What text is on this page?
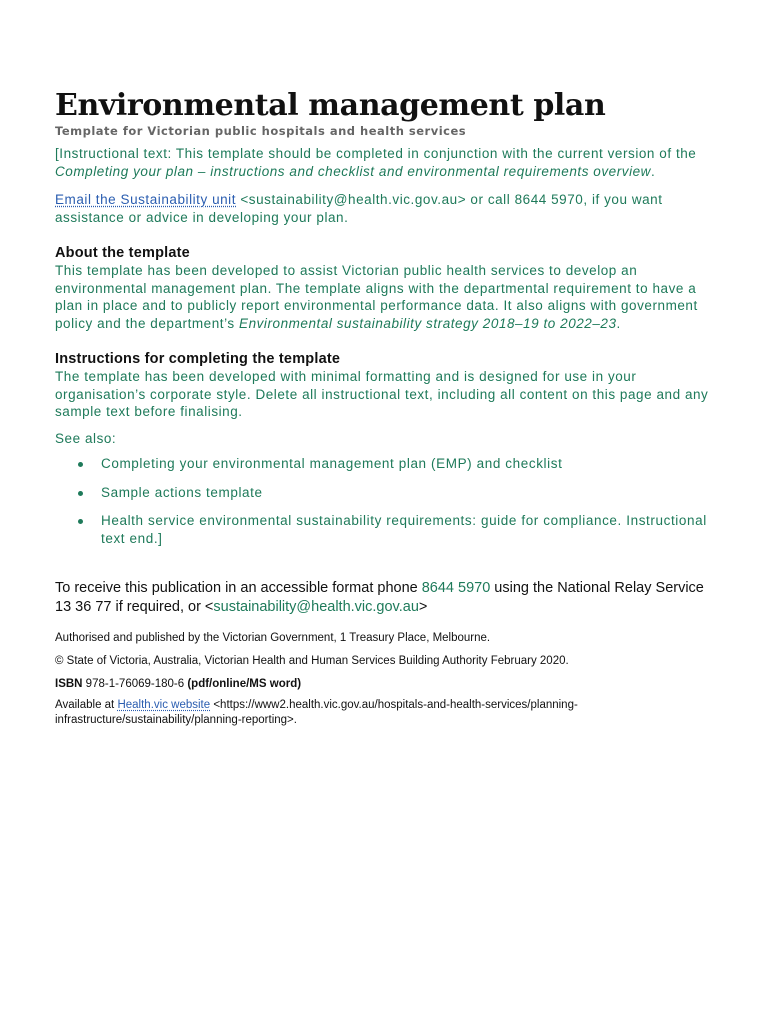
Environmental management plan

Template for Victorian public hospitals and health services

[Instructional text: This template should be completed in conjunction with the current version of the Completing your plan – instructions and checklist and environmental requirements overview.

Email the Sustainability unit <sustainability@health.vic.gov.au> or call 8644 5970, if you want assistance or advice in developing your plan.

About the template

This template has been developed to assist Victorian public health services to develop an environmental management plan. The template aligns with the departmental requirement to have a plan in place and to publicly report environmental performance data. It also aligns with government policy and the department’s Environmental sustainability strategy 2018–19 to 2022–23.

Instructions for completing the template

The template has been developed with minimal formatting and is designed for use in your organisation’s corporate style. Delete all instructional text, including all content on this page and any sample text before finalising.

See also:

Completing your environmental management plan (EMP) and checklist
Sample actions template
Health service environmental sustainability requirements: guide for compliance. Instructional text end.]

To receive this publication in an accessible format phone 8644 5970 using the National Relay Service 13 36 77 if required, or <sustainability@health.vic.gov.au>

Authorised and published by the Victorian Government, 1 Treasury Place, Melbourne.

© State of Victoria, Australia, Victorian Health and Human Services Building Authority February 2020.

ISBN 978-1-76069-180-6 (pdf/online/MS word)

Available at Health.vic website <https://www2.health.vic.gov.au/hospitals-and-health-services/planning-infrastructure/sustainability/planning-reporting>.
